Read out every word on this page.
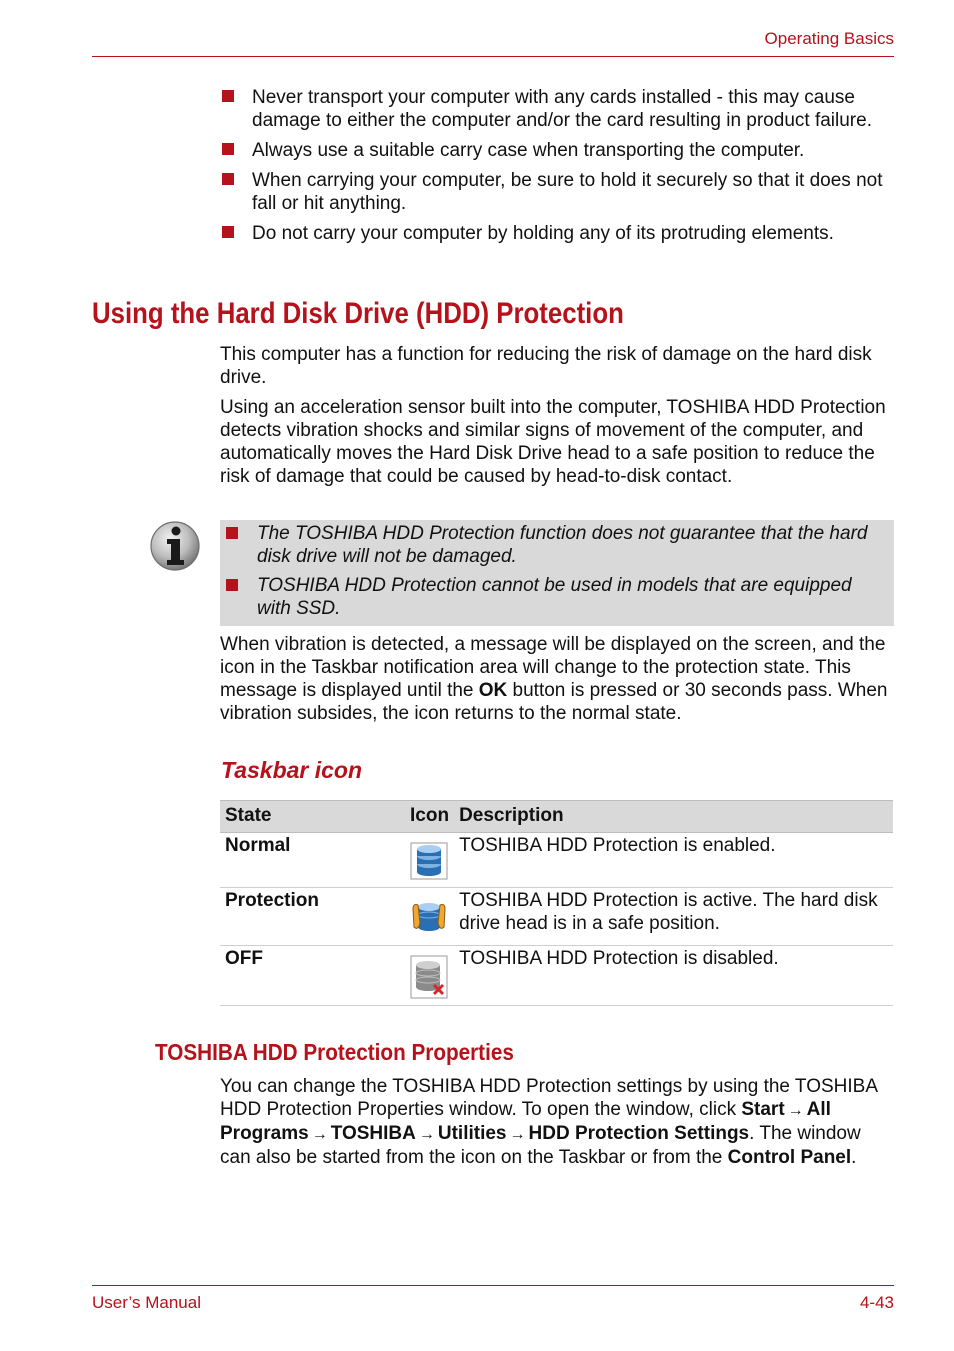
Operating Basics
Never transport your computer with any cards installed - this may cause damage to either the computer and/or the card resulting in product failure.
Always use a suitable carry case when transporting the computer.
When carrying your computer, be sure to hold it securely so that it does not fall or hit anything.
Do not carry your computer by holding any of its protruding elements.
Using the Hard Disk Drive (HDD) Protection

This computer has a function for reducing the risk of damage on the hard disk drive.

Using an acceleration sensor built into the computer, TOSHIBA HDD Protection detects vibration shocks and similar signs of movement of the computer, and automatically moves the Hard Disk Drive head to a safe position to reduce the risk of damage that could be caused by head-to-disk contact.

The TOSHIBA HDD Protection function does not guarantee that the hard disk drive will not be damaged.
TOSHIBA HDD Protection cannot be used in models that are equipped with SSD.

When vibration is detected, a message will be displayed on the screen, and the icon in the Taskbar notification area will change to the protection state. This message is displayed until the OK button is pressed or 30 seconds pass. When vibration subsides, the icon returns to the normal state.

Taskbar icon
State	Icon	Description
Normal		TOSHIBA HDD Protection is enabled.
Protection		TOSHIBA HDD Protection is active. The hard disk drive head is in a safe position.
OFF		TOSHIBA HDD Protection is disabled.
TOSHIBA HDD Protection Properties

You can change the TOSHIBA HDD Protection settings by using the TOSHIBA HDD Protection Properties window. To open the window, click Start → All Programs → TOSHIBA → Utilities → HDD Protection Settings. The window can also be started from the icon on the Taskbar or from the Control Panel.

User’s Manual	4-43
